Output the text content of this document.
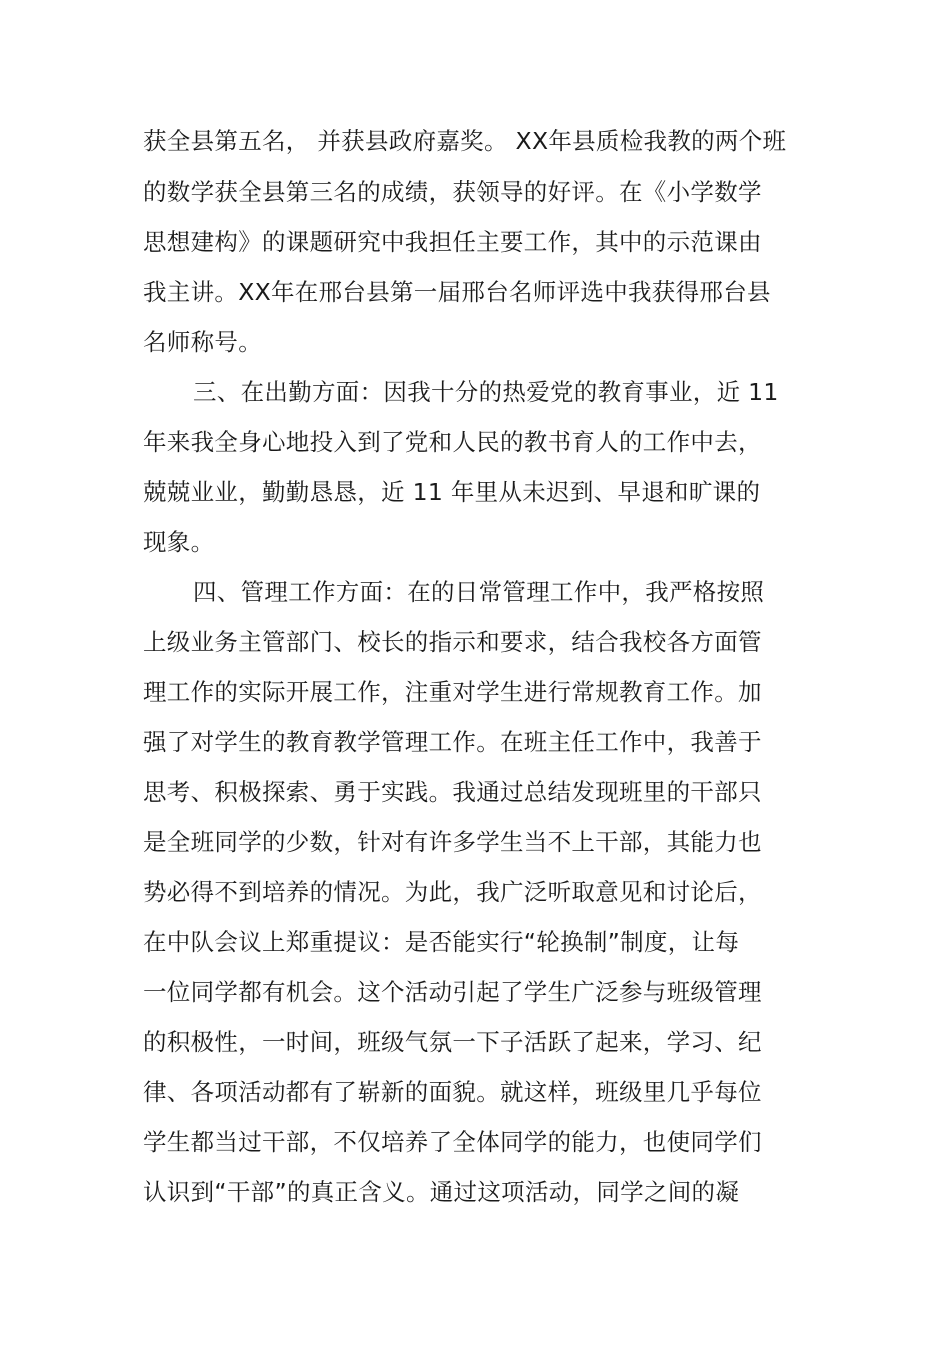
获全县第五名， 并获县政府嘉奖。 XX年县质检我教的两个班
的数学获全县第三名的成绩，获领导的好评。在《小学数学
思想建构》的课题研究中我担任主要工作，其中的示范课由
我主讲。XX年在邢台县第一届邢台名师评选中我获得邢台县
名师称号。
三、在出勤方面：因我十分的热爱党的教育事业，近 11
年来我全身心地投入到了党和人民的教书育人的工作中去，
兢兢业业，勤勤恳恳，近 11 年里从未迟到、早退和旷课的
现象。
四、管理工作方面：在的日常管理工作中，我严格按照
上级业务主管部门、校长的指示和要求，结合我校各方面管
理工作的实际开展工作，注重对学生进行常规教育工作。加
强了对学生的教育教学管理工作。在班主任工作中，我善于
思考、积极探索、勇于实践。我通过总结发现班里的干部只
是全班同学的少数，针对有许多学生当不上干部，其能力也
势必得不到培养的情况。为此，我广泛听取意见和讨论后，
在中队会议上郑重提议：是否能实行“轮换制”制度，让每
一位同学都有机会。这个活动引起了学生广泛参与班级管理
的积极性，一时间，班级气氛一下子活跃了起来，学习、纪
律、各项活动都有了崭新的面貌。就这样，班级里几乎每位
学生都当过干部，不仅培养了全体同学的能力，也使同学们
认识到“干部”的真正含义。通过这项活动，同学之间的凝
